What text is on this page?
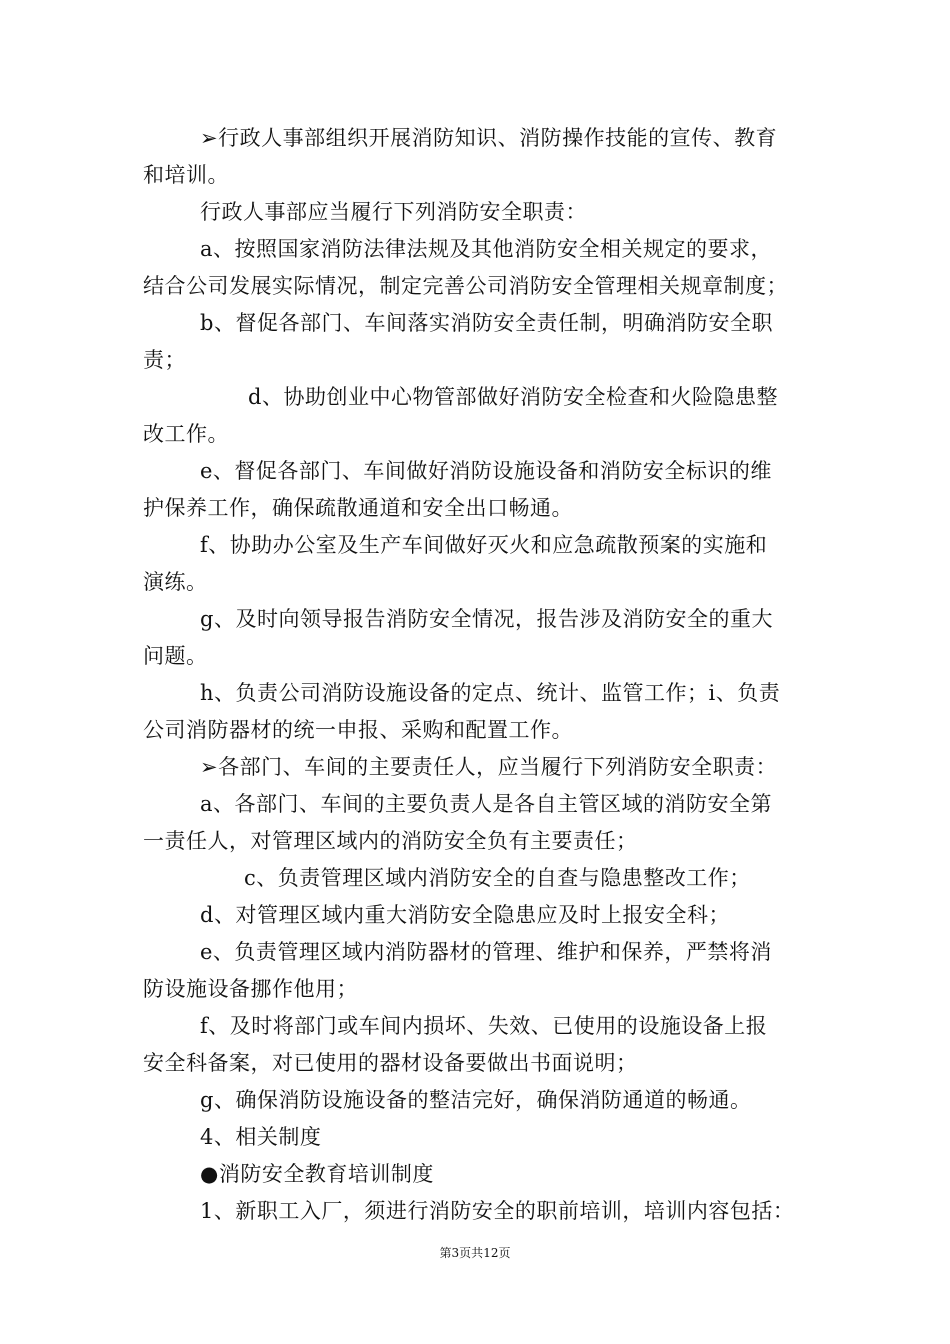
➢行政人事部组织开展消防知识、消防操作技能的宣传、教育
和培训。
行政人事部应当履行下列消防安全职责：
a、按照国家消防法律法规及其他消防安全相关规定的要求，
结合公司发展实际情况，制定完善公司消防安全管理相关规章制度；
b、督促各部门、车间落实消防安全责任制，明确消防安全职
责；
d、协助创业中心物管部做好消防安全检查和火险隐患整
改工作。
e、督促各部门、车间做好消防设施设备和消防安全标识的维
护保养工作，确保疏散通道和安全出口畅通。
f、协助办公室及生产车间做好灭火和应急疏散预案的实施和
演练。
g、及时向领导报告消防安全情况，报告涉及消防安全的重大
问题。
h、负责公司消防设施设备的定点、统计、监管工作；i、负责
公司消防器材的统一申报、采购和配置工作。
➢各部门、车间的主要责任人，应当履行下列消防安全职责：
a、各部门、车间的主要负责人是各自主管区域的消防安全第
一责任人，对管理区域内的消防安全负有主要责任；
c、负责管理区域内消防安全的自查与隐患整改工作；
d、对管理区域内重大消防安全隐患应及时上报安全科；
e、负责管理区域内消防器材的管理、维护和保养，严禁将消
防设施设备挪作他用；
f、及时将部门或车间内损坏、失效、已使用的设施设备上报
安全科备案，对已使用的器材设备要做出书面说明；
g、确保消防设施设备的整洁完好，确保消防通道的畅通。
4、相关制度
●消防安全教育培训制度
1、新职工入厂，须进行消防安全的职前培训，培训内容包括：
第3页共12页
